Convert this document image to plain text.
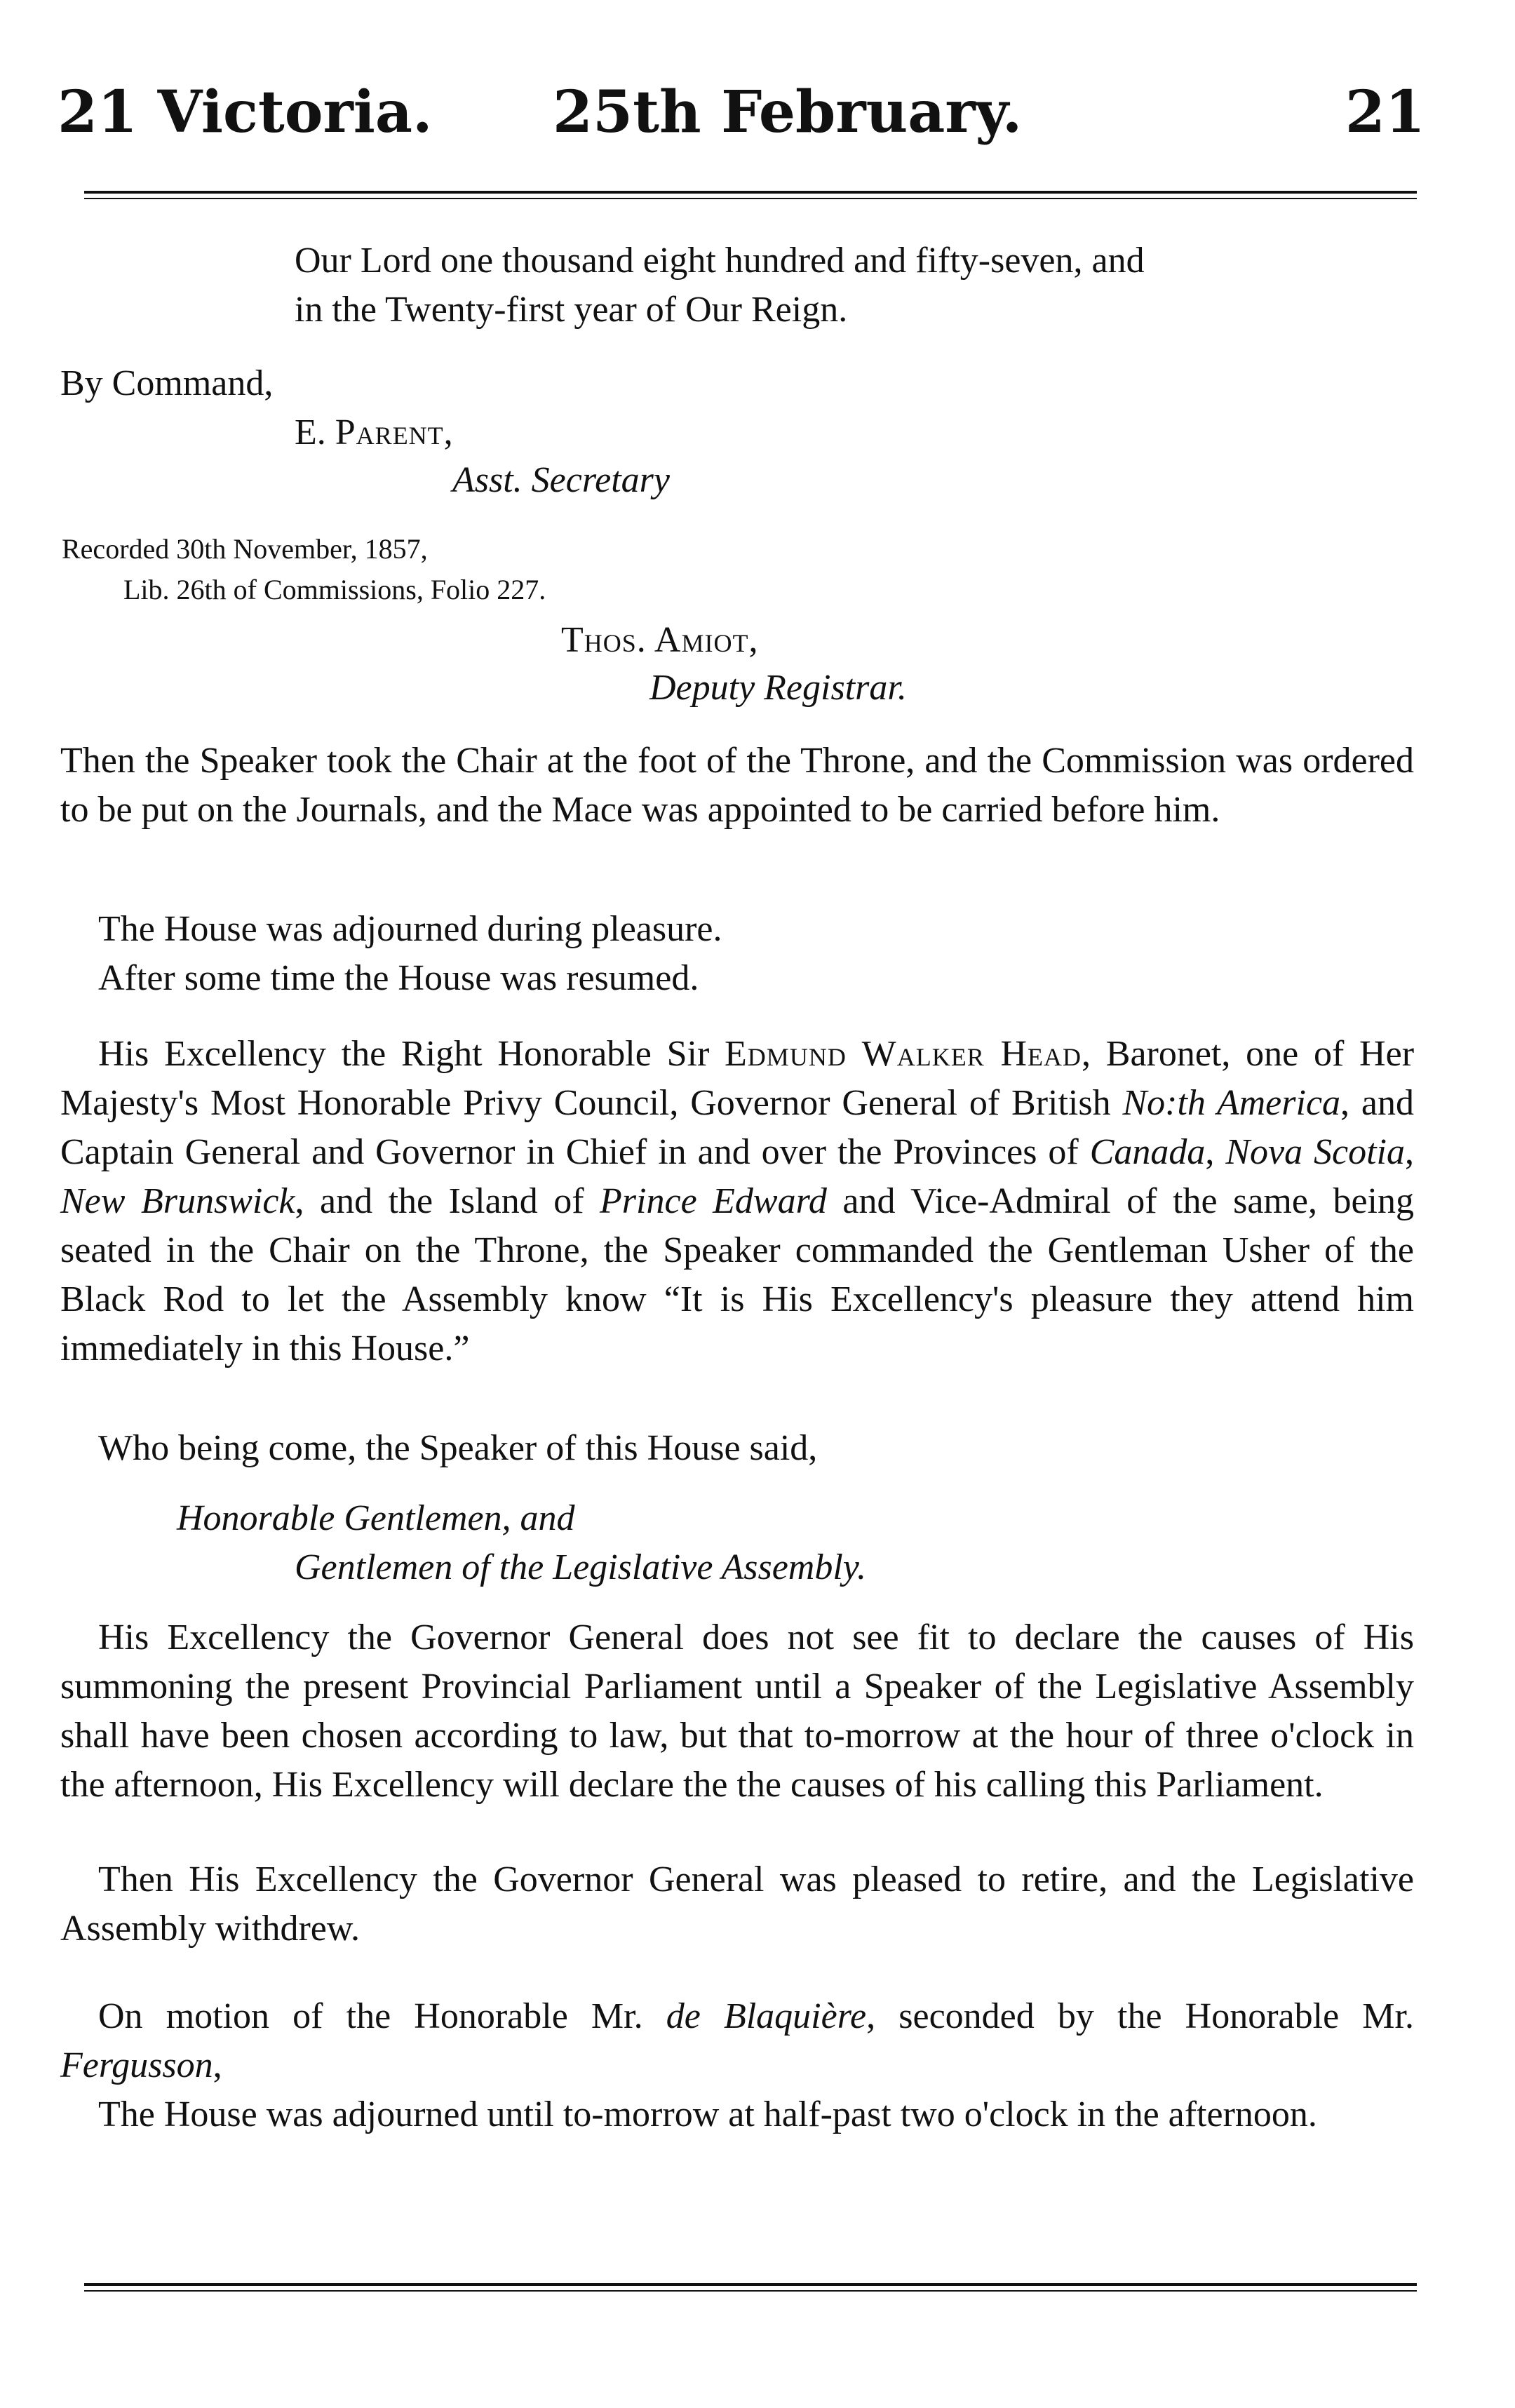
21 Victoria. 25th February.	21
Our Lord one thousand eight hundred and fifty-seven, and
in the Twenty-first year of Our Reign.
By Command,
E. Parent,
Asst. Secretary
Recorded 30th November, 1857,
Lib. 26th of Commissions, Folio 227.
Thos. Amiot,
Deputy Registrar.
Then the Speaker took the Chair at the foot of the Throne, and the Commission was ordered to be put on the Journals, and the Mace was appointed to be carried before him.
The House was adjourned during pleasure.
After some time the House was resumed.
His Excellency the Right Honorable Sir Edmund Walker Head, Baronet, one of Her Majesty's Most Honorable Privy Council, Governor General of British No:th America, and Captain General and Governor in Chief in and over the Provinces of Canada, Nova Scotia, New Brunswick, and the Island of Prince Edward and Vice-Admiral of the same, being seated in the Chair on the Throne, the Speaker commanded the Gentleman Usher of the Black Rod to let the Assembly know “It is His Excellency's pleasure they attend him immediately in this House.”
Who being come, the Speaker of this House said,
Honorable Gentlemen, and
Gentlemen of the Legislative Assembly.
His Excellency the Governor General does not see fit to declare the causes of His summoning the present Provincial Parliament until a Speaker of the Legislative Assembly shall have been chosen according to law, but that to-morrow at the hour of three o'clock in the afternoon, His Excellency will declare the the causes of his calling this Parliament.
Then His Excellency the Governor General was pleased to retire, and the Legislative Assembly withdrew.
On motion of the Honorable Mr. de Blaquière, seconded by the Honorable Mr. Fergusson,
The House was adjourned until to-morrow at half-past two o'clock in the afternoon.
